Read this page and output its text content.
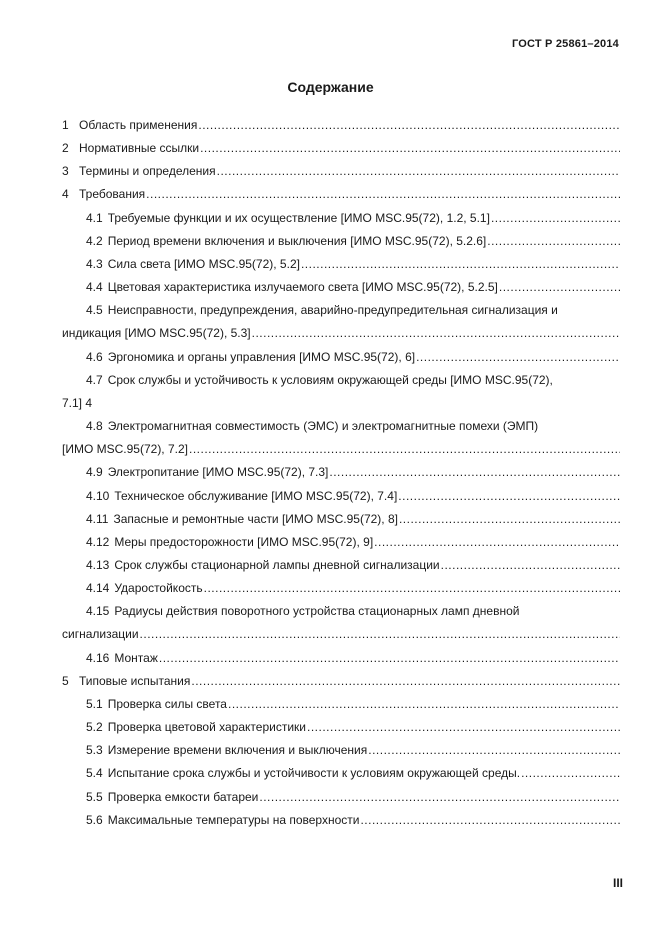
ГОСТ Р 25861–2014
Содержание
1 Область применения
.....
2 Нормативные ссылки
.....
3 Термины и определения
.....
4 Требования
.....
4.1 Требуемые функции и их осуществление [ИМО MSC.95(72), 1.2, 5.1]
.....
4.2 Период времени включения и выключения [ИМО MSC.95(72), 5.2.6]
.....
4.3 Сила света [ИМО MSC.95(72), 5.2]
.....
4.4 Цветовая характеристика излучаемого света [ИМО MSC.95(72), 5.2.5]
.....
4.5 Неисправности, предупреждения, аварийно-предупредительная сигнализация и
индикация [ИМО MSC.95(72), 5.3]
.....
4.6 Эргономика и органы управления [ИМО MSC.95(72), 6]
.....
4.7 Срок службы и устойчивость к условиям окружающей среды [ИМО MSC.95(72),
7.1] 4
4.8 Электромагнитная совместимость (ЭМС) и электромагнитные помехи (ЭМП)
[ИМО MSC.95(72), 7.2]
.....
4.9 Электропитание [ИМО MSC.95(72), 7.3]
.....
4.10 Техническое обслуживание [ИМО MSC.95(72), 7.4]
.....
4.11 Запасные и ремонтные части [ИМО MSC.95(72), 8]
.....
4.12 Меры предосторожности [ИМО MSC.95(72), 9]
.....
4.13 Срок службы стационарной лампы дневной сигнализации
.....
4.14 Ударостойкость
.....
4.15 Радиусы действия поворотного устройства стационарных ламп дневной
сигнализации
.....
4.16 Монтаж
.....
5 Типовые испытания
.....
5.1 Проверка силы света
.....
5.2 Проверка цветовой характеристики
.....
5.3 Измерение времени включения и выключения
.....
5.4 Испытание срока службы и устойчивости к условиям окружающей среды.
.....
5.5 Проверка емкости батареи
.....
5.6 Максимальные температуры на поверхности
.....
III
